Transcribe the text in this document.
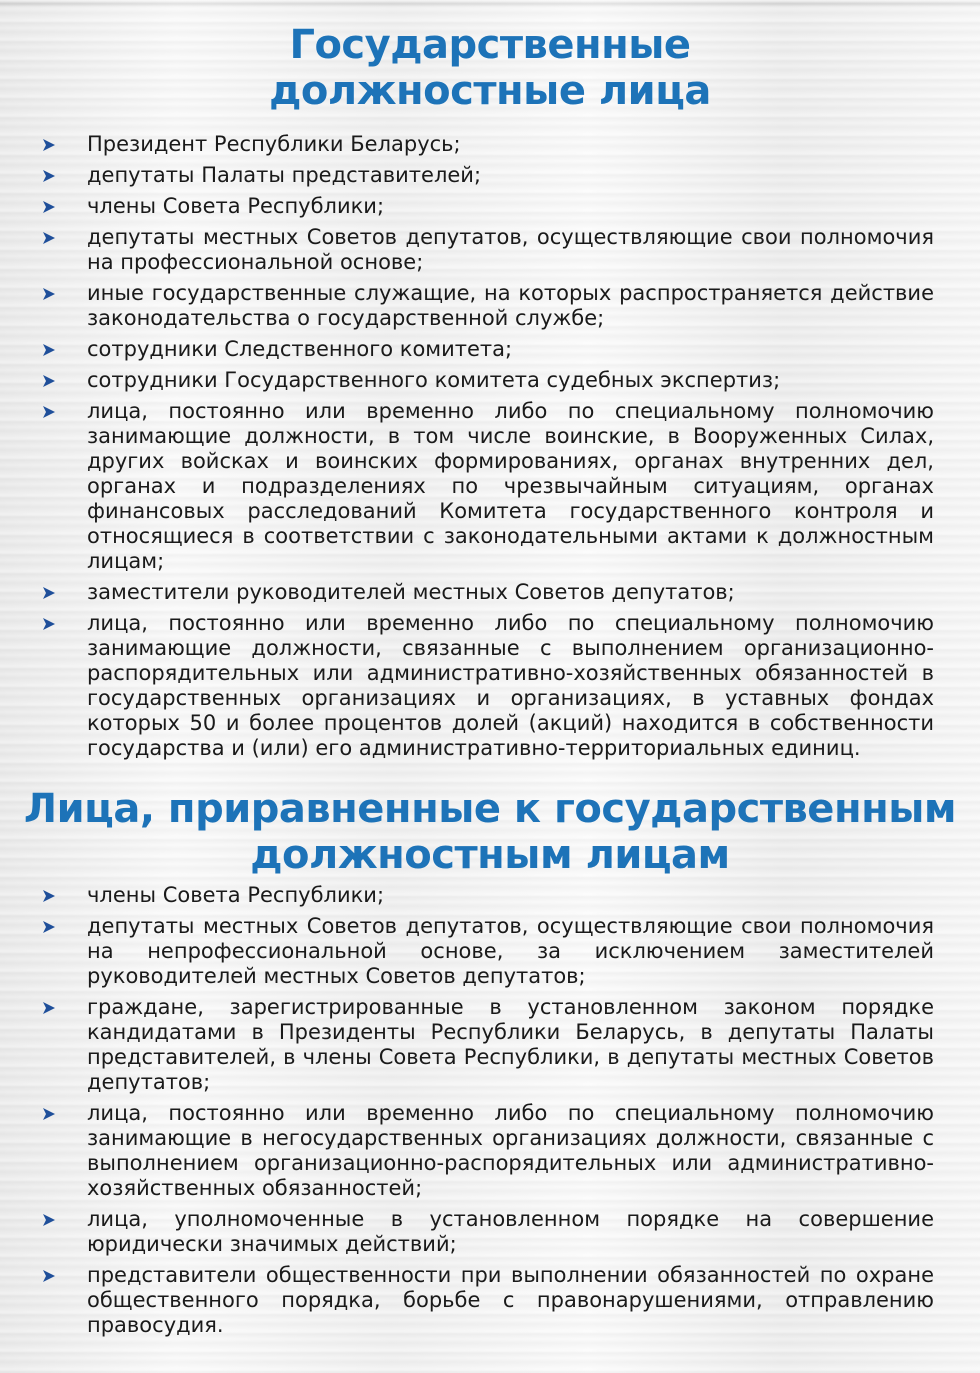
Государственные
должностные лица
Президент Республики Беларусь;
депутаты Палаты представителей;
члены Совета Республики;
депутаты местных Советов депутатов, осуществляющие свои полномочия на профессиональной основе;
иные государственные служащие, на которых распространяется действие законодательства о государственной службе;
сотрудники Следственного комитета;
сотрудники Государственного комитета судебных экспертиз;
лица, постоянно или временно либо по специальному полномочию занимающие должности, в том числе воинские, в Вооруженных Силах, других войсках и воинских формированиях, органах внутренних дел, органах и подразделениях по чрезвычайным ситуациям, органах финансовых расследований Комитета государственного контроля и относящиеся в соответствии с законодательными актами к должностным лицам;
заместители руководителей местных Советов депутатов;
лица, постоянно или временно либо по специальному полномочию занимающие должности, связанные с выполнением организационно-распорядительных или административно-хозяйственных обязанностей в государственных организациях и организациях, в уставных фондах которых 50 и более процентов долей (акций) находится в собственности государства и (или) его административно-территориальных единиц.
Лица, приравненные к государственным
должностным лицам
члены Совета Республики;
депутаты местных Советов депутатов, осуществляющие свои полномочия на непрофессиональной основе, за исключением заместителей руководителей местных Советов депутатов;
граждане, зарегистрированные в установленном законом порядке кандидатами в Президенты Республики Беларусь, в депутаты Палаты представителей, в члены Совета Республики, в депутаты местных Советов депутатов;
лица, постоянно или временно либо по специальному полномочию занимающие в негосударственных организациях должности, связанные с выполнением организационно-распорядительных или административно-хозяйственных обязанностей;
лица, уполномоченные в установленном порядке на совершение юридически значимых действий;
представители общественности при выполнении обязанностей по охране общественного порядка, борьбе с правонарушениями, отправлению правосудия.
